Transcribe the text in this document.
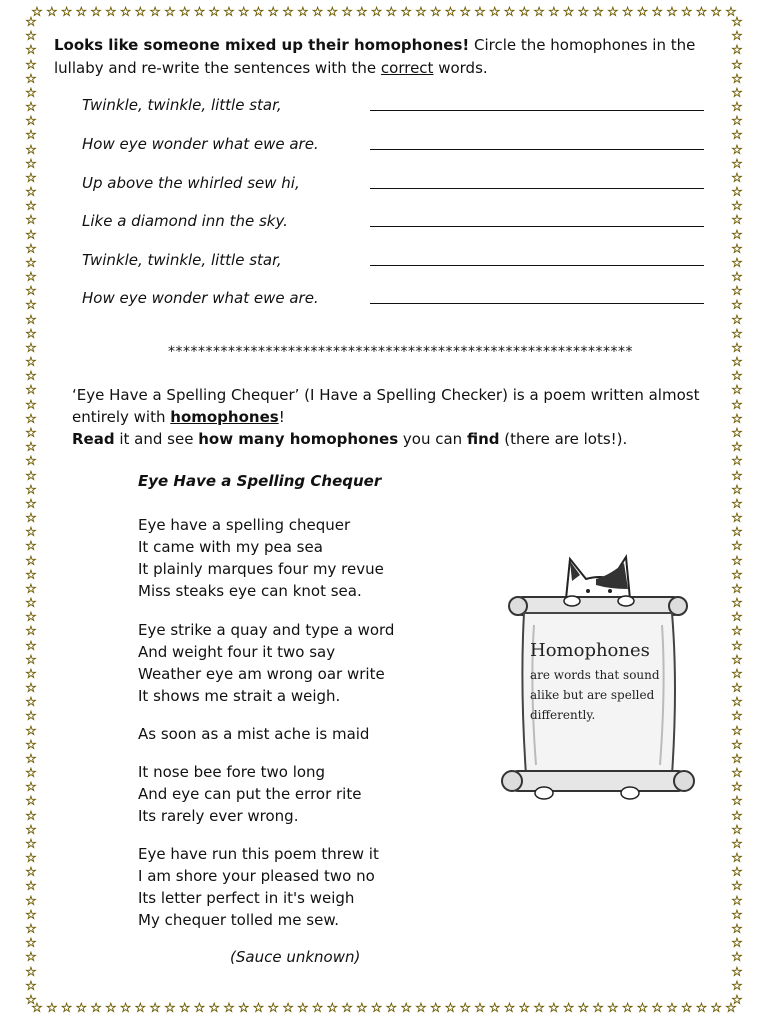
☆ ☆ ☆ ☆ ☆ ☆ ☆ ☆ ☆ ☆ ☆ ☆ ☆ ☆ ☆ ☆ ☆ ☆ ☆ ☆ ☆ ☆ ☆ ☆ ☆ ☆ ☆ ☆ ☆ ☆ ☆ ☆ ☆ ☆ ☆ ☆ ☆ ☆ ☆ ☆ ☆ ☆ ☆ ☆ ☆ ☆ ☆ ☆
☆ ☆ ☆ ☆ ☆ ☆ ☆ ☆ ☆ ☆ ☆ ☆ ☆ ☆ ☆ ☆ ☆ ☆ ☆ ☆ ☆ ☆ ☆ ☆ ☆ ☆ ☆ ☆ ☆ ☆ ☆ ☆ ☆ ☆ ☆ ☆ ☆ ☆ ☆ ☆ ☆ ☆ ☆ ☆ ☆ ☆ ☆ ☆
☆
☆
☆
☆
☆
☆
☆
☆
☆
☆
☆
☆
☆
☆
☆
☆
☆
☆
☆
☆
☆
☆
☆
☆
☆
☆
☆
☆
☆
☆
☆
☆
☆
☆
☆
☆
☆
☆
☆
☆
☆
☆
☆
☆
☆
☆
☆
☆
☆
☆
☆
☆
☆
☆
☆
☆
☆
☆
☆
☆
☆
☆
☆
☆
☆
☆
☆
☆
☆
☆
☆
☆
☆
☆
☆
☆
☆
☆
☆
☆
☆
☆
☆
☆
☆
☆
☆
☆
☆
☆
☆
☆
☆
☆
☆
☆
☆
☆
☆
☆
☆
☆
☆
☆
☆
☆
☆
☆
☆
☆
☆
☆
☆
☆
☆
☆
☆
☆
☆
☆
☆
☆
☆
☆
☆
☆
☆
☆
☆
☆
☆
☆
☆
☆
☆
☆
☆
☆
☆
☆

Looks like someone mixed up their homophones! Circle the homophones in the lullaby and re-write the sentences with the correct words.

Twinkle, twinkle, little star,
How eye wonder what ewe are.
Up above the whirled sew hi,
Like a diamond inn the sky.
Twinkle, twinkle, little star,
How eye wonder what ewe are.
**************************************************************

‘Eye Have a Spelling Chequer’ (I Have a Spelling Checker) is a poem written almost entirely with homophones!
Read it and see how many homophones you can find (there are lots!).

Eye Have a Spelling Chequer
Eye have a spelling chequer
It came with my pea sea
It plainly marques four my revue
Miss steaks eye can knot sea.
Eye strike a quay and type a word
And weight four it two say
Weather eye am wrong oar write
It shows me strait a weigh.
As soon as a mist ache is maid
It nose bee fore two long
And eye can put the error rite
Its rarely ever wrong.
Eye have run this poem threw it
I am shore your pleased two no
Its letter perfect in it's weigh
My chequer tolled me sew.
(Sauce unknown)
Homophones
are words that sound alike but are spelled differently.
